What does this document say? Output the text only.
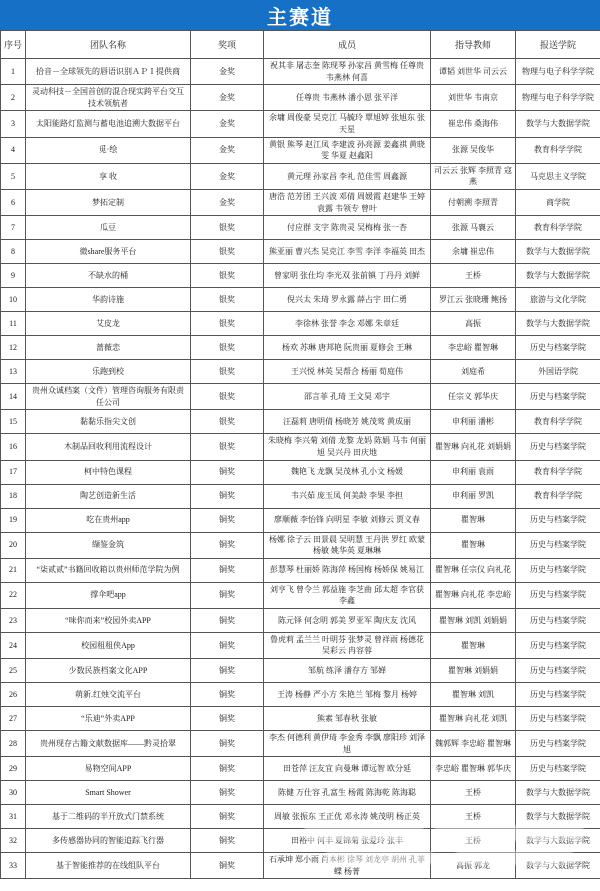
主赛道
序号	团队名称	奖项	成员	指导教师	报送学院
1	拾音－全球领先的唇语识别ＡＰＩ提供商	金奖	祝其非 屠志奎 陈现琴 孙家昌 黄雪梅 任尊贵 韦燕林 何喜	谭韬 刘世华 司云云	物理与电子科学学院
2	灵动科技－全国首创的混合现实跨平台交互技术领航者	金奖	任尊贵 韦燕林 潘小恩 张平洋	刘世华 韦南京	物理与电子科学学院
3	太阳能路灯监测与蓄电池追溯大数据平台	金奖	余墉 周俊豪 吴克江 马毓玲 覃旭婷 张旭东 张天星	崔忠伟 桑海伟	数学与大数据学院
4	觅·绘	金奖	黄银 熊琴 赵江凤 李建波 孙亮源 姜鑫祺 黄晓雯 华夏 赵鑫阳	张源 吴俊华	教育科学学院
5	享 收	金奖	黄元理 孙家昌 李礼 范佳雪 周鑫源	司云云 张辉 李照青 寇燕	马克思主义学院
6	梦拓定制	金奖	唐浩 范芳团 王兴波 邓倩 周媛霞 赵建华 王婷 袁露 韦领专 曾叶	付朝溯 李照青	商学院
7	瓜豆	银奖	付应群 支字 陈贵灵 吴梅梅 张一杏	张源 马襄云	教育科学学院
8	微share服务平台	银奖	熊亚丽 曹兴杰 吴克江 李雪 李洋 李福英 田杰	余墉 崔忠伟	数学与大数据学院
9	不缺水的桶	银奖	曾家明 张仕均 李光双 张前镇 丁丹丹 刘鲜	王桥	数学与大数据学院
10	华韵诗施	银奖	倪兴太 朱琦 罗永露 薛占宇 田仁勇	罗江云 张晓珊 鲍扬	旅游与文化学院
11	艾皮龙	银奖	李徐林 张誉 李念 邓娜 朱章廷	高振	数学与大数据学院
12	蔷薇恋	银奖	杨欢 苏琳 唐邦艳 阮贵丽 夏修会 王琳	李忠峪 瞿智琳	历史与档案学院
13	乐跑到校	银奖	王兴悦 林英 吴帮合 杨丽 荀庭伟	刘庭希	外国语学院
14	贵州众诚档案（文件）管理咨询服务有限责任公司	银奖	邵言菲 孔琦 王文昊 邓宇	任宗义 郭华庆	历史与档案学院
15	黏黏乐指尖文创	银奖	汪磊莉 唐明倩 杨晓芳 姚茂莺 黄成丽	申利丽 潘彬	教育科学学院
16	木制品回收利用流程设计	银奖	朱晓梅 李兴菊 刘倩 龙黎 龙妈 陈娟 马韦 何丽旭 吴兴丹 田庆地	瞿智琳 向礼花 刘娟娟	历史与档案学院
17	柯中特色课程	铜奖	魏艳飞 龙飘 吴茂林 孔小文 杨媛	申利丽 袁雨	教育科学学院
18	陶艺创造新生活	铜奖	韦兴茹 庞玉凤 何美龄 李果 李担	申利丽 罗凯	教育科学学院
19	吃在贵州app	铜奖	廖顺薇 李怡锋 向明星 李敏 刘修云 贾义春	瞿智琳	历史与档案学院
20	缬鉴金筑	铜奖	杨娜 徐子云 田景晨 吴明慧 王丹洪 罗红 欧蒙 杨敏 姚华英 夏琳琳	瞿智琳	历史与档案学院
21	“柒贰贰”书籍回收箱以贵州师范学院为例	铜奖	彭慧琴 杜丽娇 陈海萍 杨国梅 杨娇保 姚易江	瞿智琳 任宗仪 向礼花	历史与档案学院
22	撑伞吧app	铜奖	刘亨飞 曾令兰 郭益施 李芝曲 邱太超 李官获 李鑫	瞿智琳 向礼花 李忠峪	历史与档案学院
23	“味你而来”校园外卖APP	铜奖	陈元铎 何念明 郭美 罗亚军 陶庆友 沈风	瞿智琳 刘凯 刘娟娟	历史与档案学院
24	校园租租侠App	铜奖	鲁虎莉 孟兰兰 叶明芬 张梦灵 曾祥雨 杨德花 吴彩云 冉容蓉	瞿智琳	历史与档案学院
25	少数民族档案文化APP	铜奖	邹航 练泽 潘存方 邹婵	瞿智琳 刘娟娟	历史与档案学院
26	萌新.红烛交流平台	铜奖	王涛 杨静 严小方 朱艳兰 邹梅 黎月 杨婷	瞿智琳 刘凯	历史与档案学院
27	“乐迪”外卖APP	铜奖	熊素 邹春秋 张敏	瞿智琳 向礼花 刘凯	历史与档案学院
28	贵州现存古籍文献数据库——黔灵拾翠	铜奖	李杰 何德利 黄伊琦 李金秀 李飘 廖阳珍 刘泽旭	魏郭辉 李忠峪 瞿智琳	历史与档案学院
29	易物空间APP	铜奖	田苍萍 汪友宜 向曼琳 谭远智 欧分延	李忠峪 瞿智琳 郭华庆	历史与档案学院
30	Smart Shower	铜奖	陈健 万仕容 孔富生 杨霞 陈海乾 陈海聪	王桥	数学与大数据学院
31	基于二维码的半开放式门禁系统	铜奖	周敏 张振东 王正优 邓永涛 姚茂明 杨正英	王桥	数学与大数据学院
32	多传感器协同的智能追踪飞行器	铜奖	田裕中 何丰 夏锦菊 张爱玲 张丰	王桥	数学与大数据学院
33	基于智能推荐的在线组队平台	铜奖	石承坤 郑小雨 肖本彬 徐琴 刘龙亭 胡州 孔菲蝶 杨菁	高振 郭龙	数学与大数据学院
